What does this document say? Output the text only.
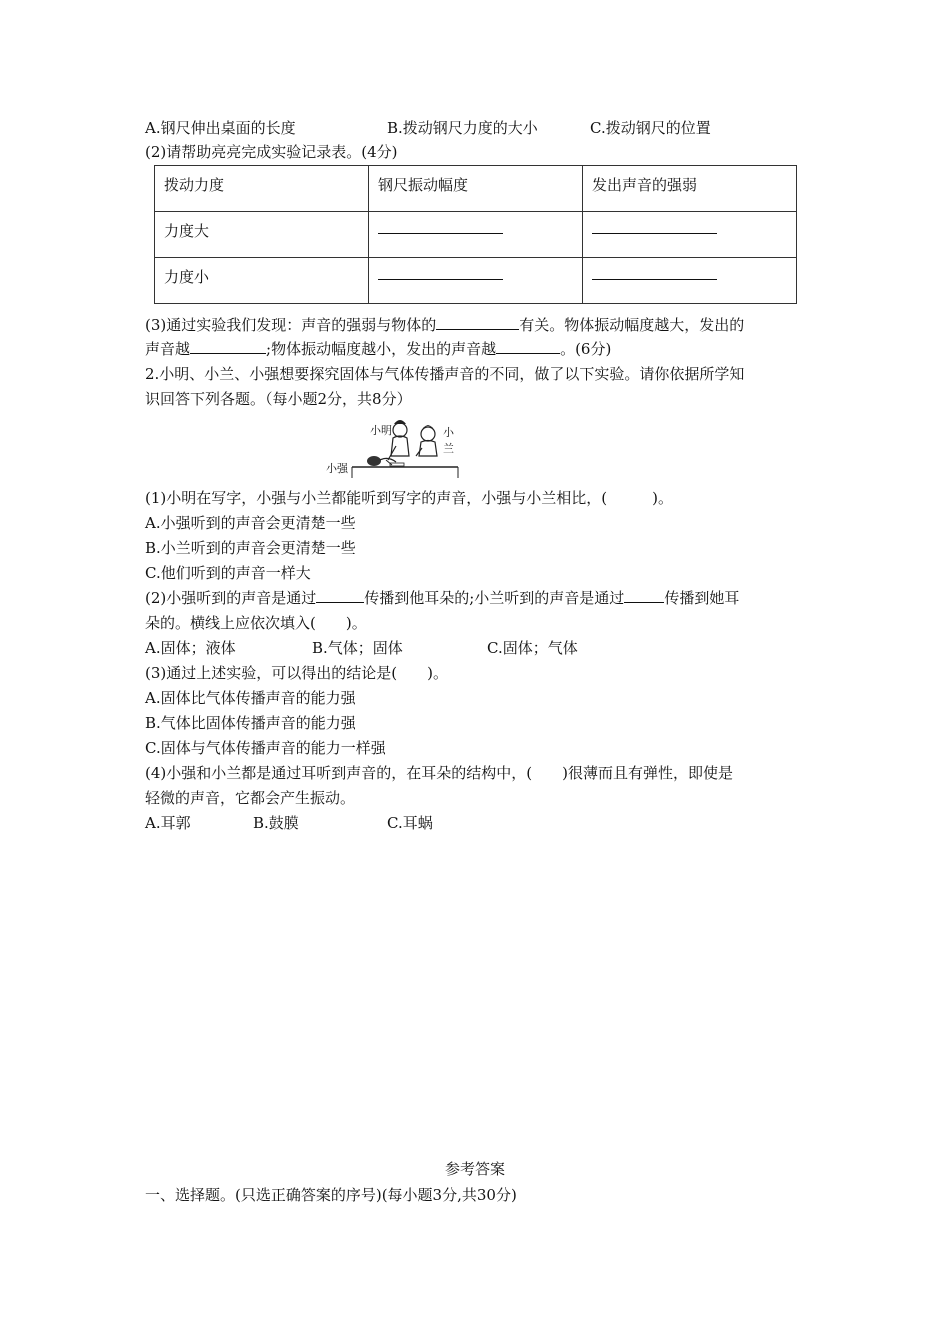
A.钢尺伸出桌面的长度	B.拨动钢尺力度的大小	C.拨动钢尺的位置
(2)请帮助亮亮完成实验记录表。(4分)
拨动力度	钢尺振动幅度	发出声音的强弱
力度大		
力度小		
(3)通过实验我们发现：声音的强弱与物体的	有关。物体振动幅度越大，发出的
声音越	;物体振动幅度越小，发出的声音越	。(6分)
2.小明、小兰、小强想要探究固体与气体传播声音的不同，做了以下实验。请你依据所学知
识回答下列各题。（每小题2分，共8分）
小明	小兰
小强
(1)小明在写字，小强与小兰都能听到写字的声音，小强与小兰相比，(　　　)。
A.小强听到的声音会更清楚一些
B.小兰听到的声音会更清楚一些
C.他们听到的声音一样大
(2)小强听到的声音是通过	传播到他耳朵的;小兰听到的声音是通过	传播到她耳
朵的。横线上应依次填入(　　)。
A.固体；液体	B.气体；固体	C.固体；气体
(3)通过上述实验，可以得出的结论是(　　)。
A.固体比气体传播声音的能力强
B.气体比固体传播声音的能力强
C.固体与气体传播声音的能力一样强
(4)小强和小兰都是通过耳听到声音的，在耳朵的结构中，(　　)很薄而且有弹性，即使是
轻微的声音，它都会产生振动。
A.耳郭	B.鼓膜	C.耳蜗
参考答案
一、选择题。(只选正确答案的序号)(每小题3分,共30分)
